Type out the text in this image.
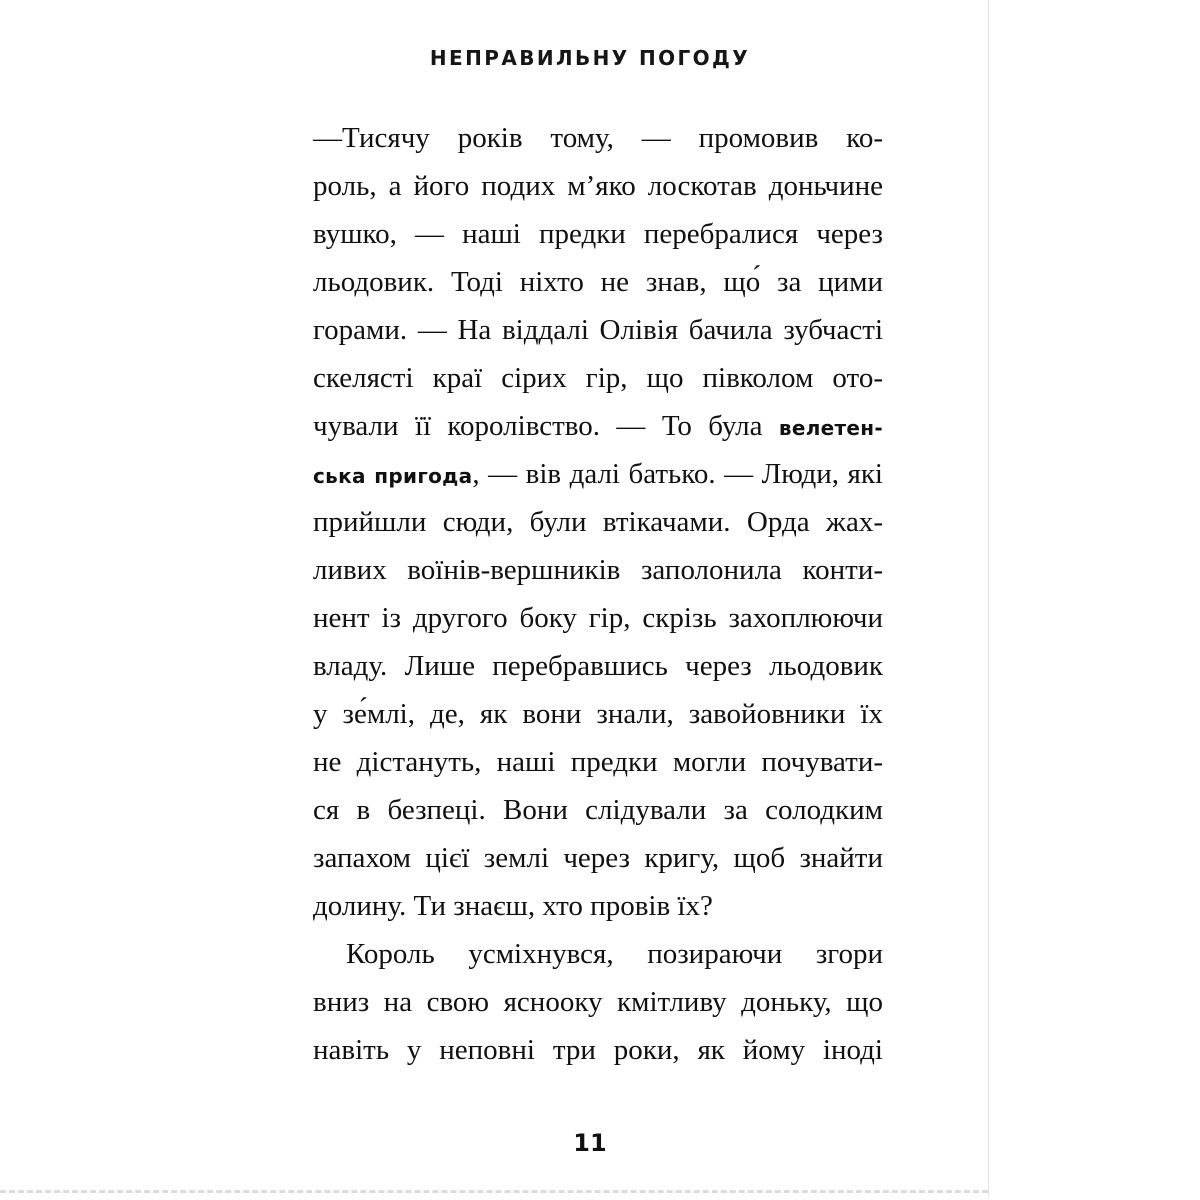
НЕПРАВИЛЬНУ ПОГОДУ
—Тисячу років тому, — промовив ко-
роль, а його подих м’яко лоскотав доньчине
вушко, — наші предки перебралися через
льодовик. Тоді ніхто не знав, що́ за цими
горами. — На віддалі Олівія бачила зубчасті
скелясті краї сірих гір, що півколом ото-
чували її королівство. — То була велетен-
ська пригода, — вів далі батько. — Люди, які
прийшли сюди, були втікачами. Орда жах-
ливих воїнів-вершників заполонила конти-
нент із другого боку гір, скрізь захоплюючи
владу. Лише перебравшись через льодовик
у зе́млі, де, як вони знали, завойовники їх
не дістануть, наші предки могли почувати-
ся в безпеці. Вони слідували за солодким
запахом цієї землі через кригу, щоб знайти
долину. Ти знаєш, хто провів їх?
Король усміхнувся, позираючи згори
вниз на свою яснооку кмітливу доньку, що
навіть у неповні три роки, як йому іноді
11
